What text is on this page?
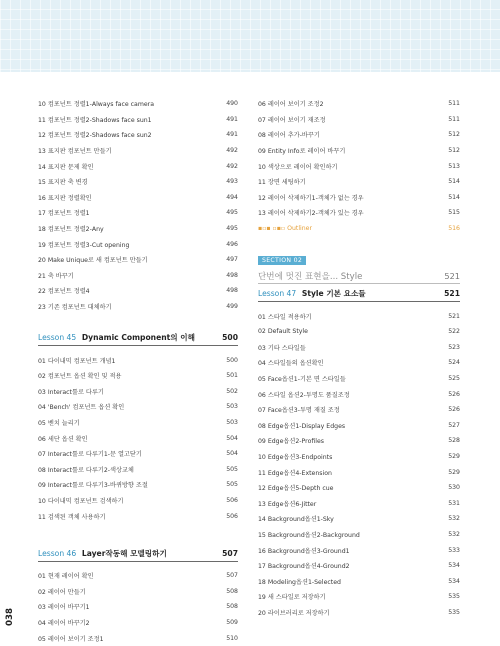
10 컴포넌트 정렬1-Always face camera	490
11 컴포넌트 정렬2-Shadows face sun1	491
12 컴포넌트 정렬2-Shadows face sun2	491
13 표지판 컴포넌트 만들기	492
14 표지판 문제 확인	492
15 표지판 축 변경	493
16 표지판 정렬확인	494
17 컴포넌트 정렬1	495
18 컴포넌트 정렬2-Any	495
19 컴포넌트 정렬3-Cut opening	496
20 Make Unique로 새 컴포넌트 만들기	497
21 축 바꾸기	498
22 컴포넌트 정렬4	498
23 기존 컴포넌트 대체하기	499
Lesson 45 Dynamic Component의 이해	500
01 다이내믹 컴포넌트 개념1	500
02 컴포넌트 옵션 확인 및 적용	501
03 Interact툴로 다루기	502
04 'Bench' 컴포넌트 옵션 확인	503
05 벤치 늘리기	503
06 세단 옵션 확인	504
07 Interact툴로 다루기1-문 열고닫기	504
08 Interact툴로 다루기2-색상교체	505
09 Interact툴로 다루기3-바퀴방향 조절	505
10 다이내믹 컴포넌트 검색하기	506
11 검색된 객체 사용하기	506
Lesson 46 Layer작동해 모델링하기	507
01 현재 레이어 확인	507
02 레이어 만들기	508
03 레이어 바꾸기1	508
04 레이어 바꾸기2	509
05 레이어 보이기 조정1	510
06 레이어 보이기 조정2	511
07 레이어 보이기 재조정	511
08 레이어 추가-바꾸기	512
09 Entity Info로 레이어 바꾸기	512
10 색상으로 레이어 확인하기	513
11 장면 세팅하기	514
12 레이어 삭제하기1-객체가 없는 경우	514
13 레이어 삭제하기2-객체가 있는 경우	515
▪▫▪ ▫▪▫ Outliner	516
SECTION 02
단번에 멋진 표현을... Style	521
Lesson 47 Style 기본 요소들	521
01 스타일 적용하기	521
02 Default Style	522
03 기타 스타일들	523
04 스타일들의 옵션확인	524
05 Face옵션1-기본 면 스타일들	525
06 스타일 옵션2-투명도 품질조정	526
07 Face옵션3-투명 재질 조정	526
08 Edge옵션1-Display Edges	527
09 Edge옵션2-Profiles	528
10 Edge옵션3-Endpoints	529
11 Edge옵션4-Extension	529
12 Edge옵션5-Depth cue	530
13 Edge옵션6-Jitter	531
14 Background옵션1-Sky	532
15 Background옵션2-Background	532
16 Background옵션3-Ground1	533
17 Background옵션4-Ground2	534
18 Modeling옵션1-Selected	534
19 새 스타일로 저장하기	535
20 라이브러리로 저장하기	535
038
